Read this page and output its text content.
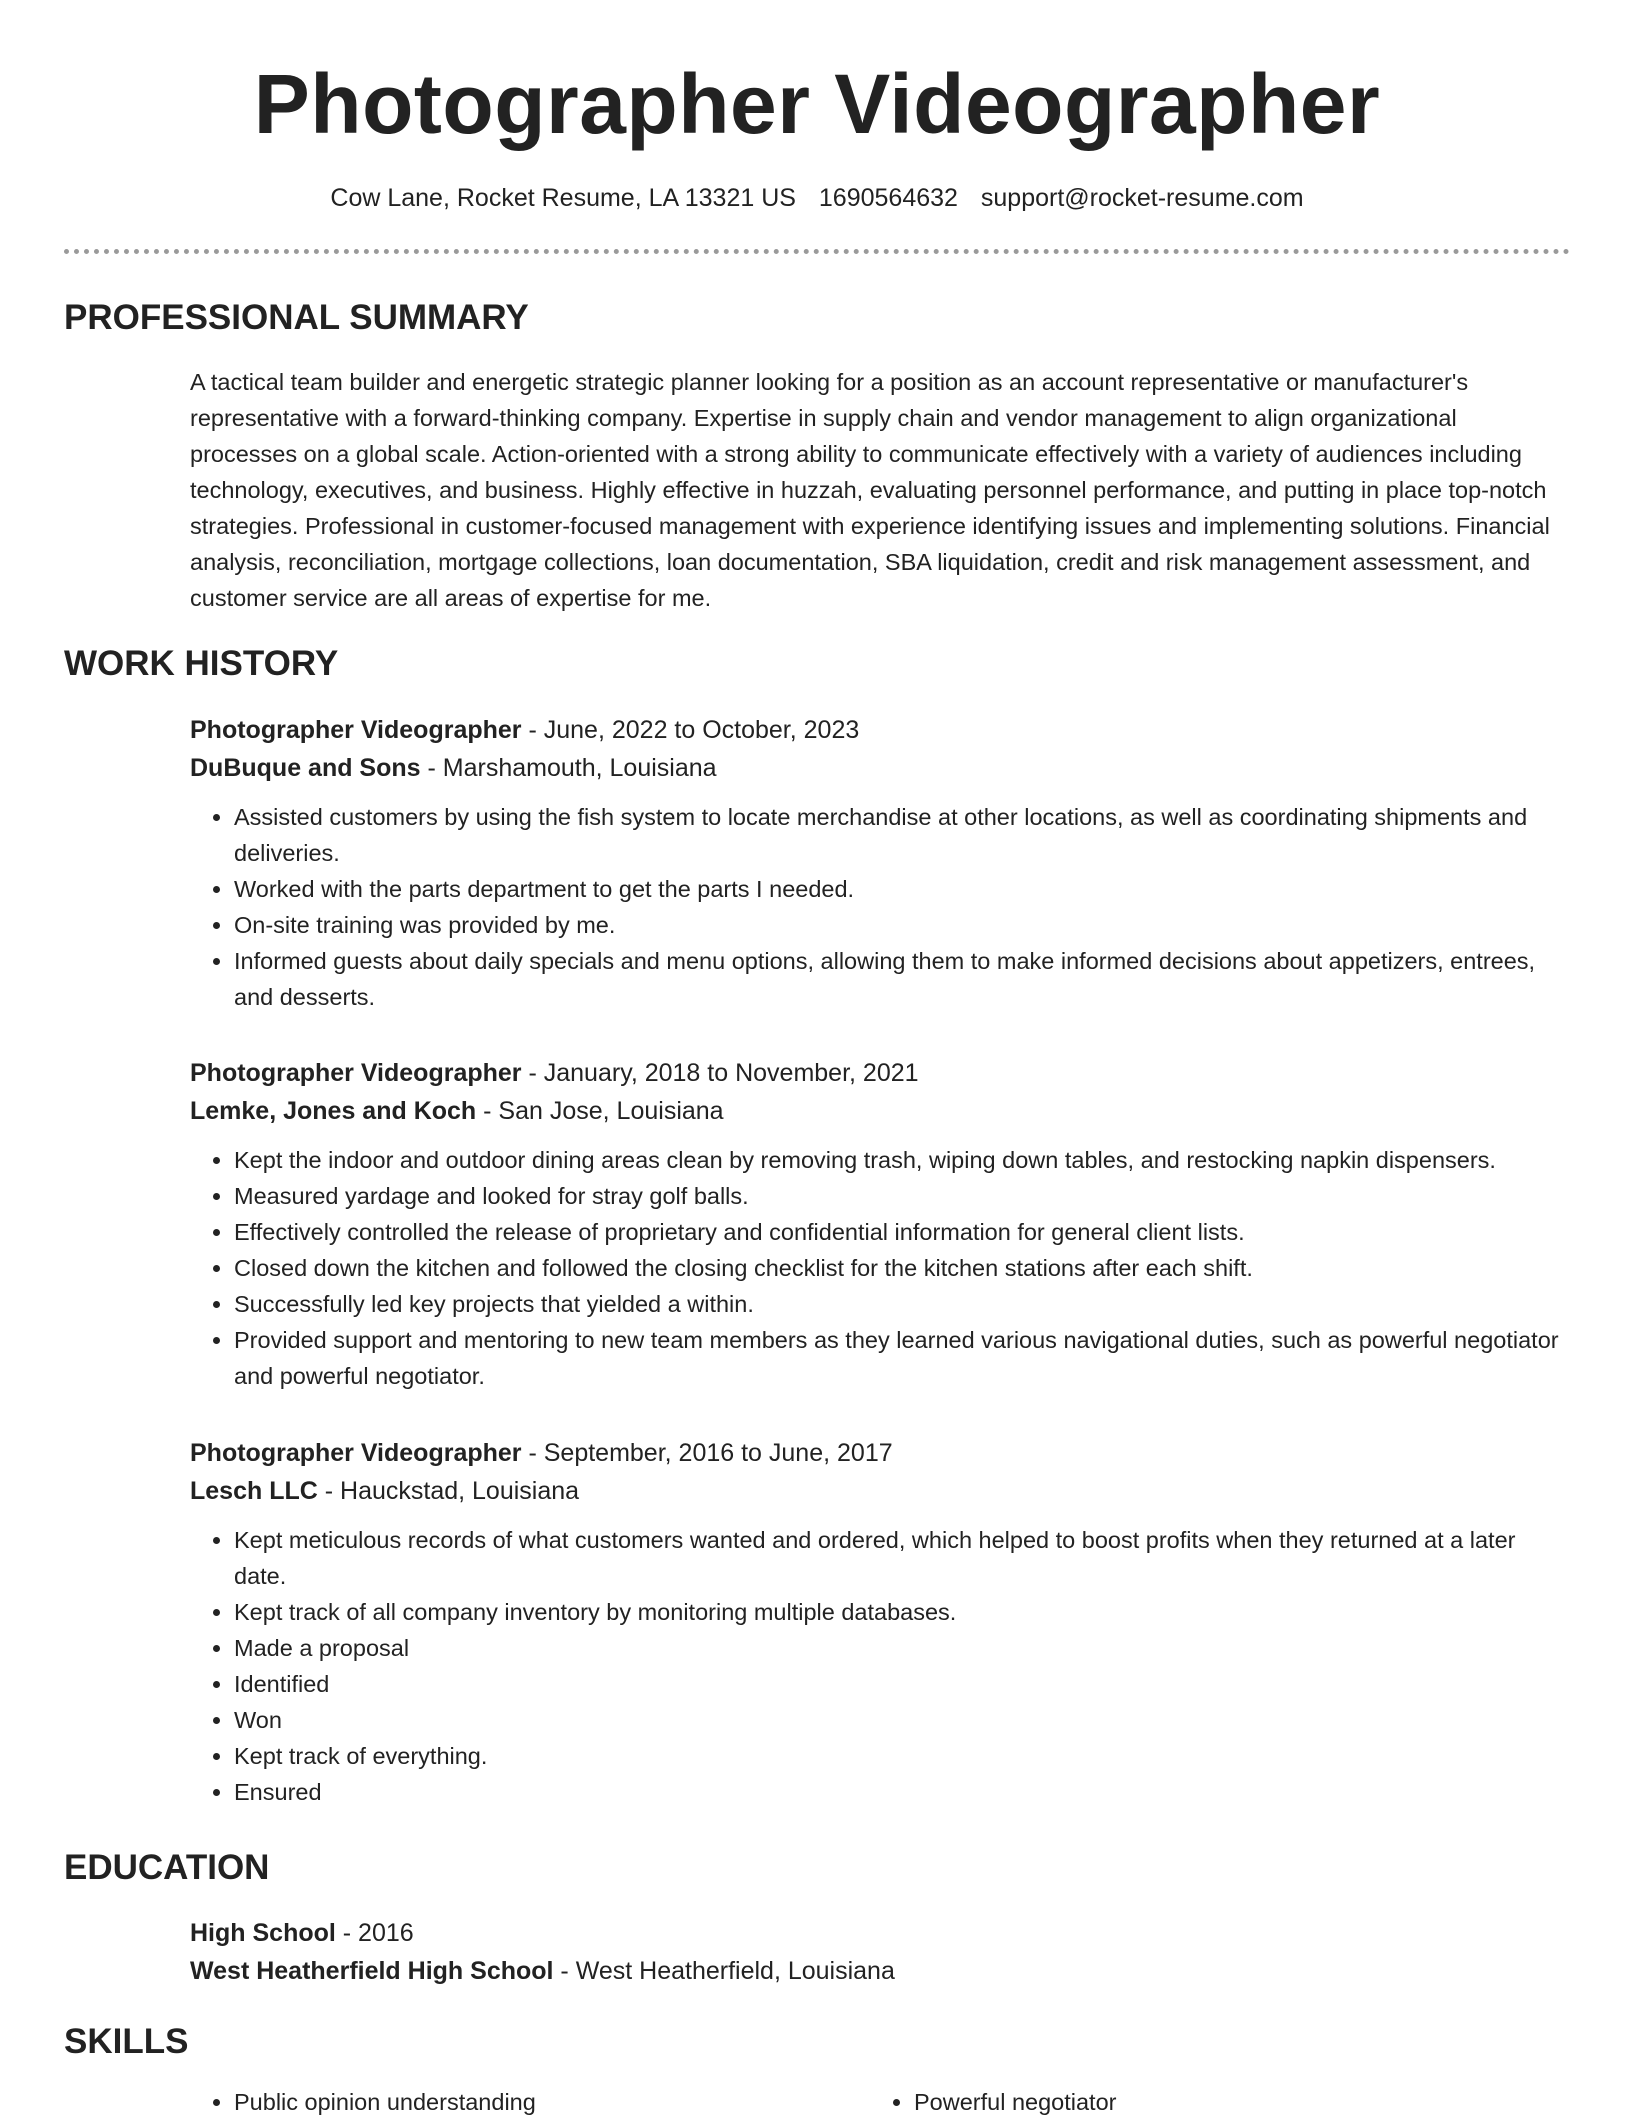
Photographer Videographer
Cow Lane, Rocket Resume, LA 13321 US 1690564632 support@rocket-resume.com
PROFESSIONAL SUMMARY

A tactical team builder and energetic strategic planner looking for a position as an account representative or manufacturer's representative with a forward-thinking company. Expertise in supply chain and vendor management to align organizational processes on a global scale. Action-oriented with a strong ability to communicate effectively with a variety of audiences including technology, executives, and business. Highly effective in huzzah, evaluating personnel performance, and putting in place top-notch strategies. Professional in customer-focused management with experience identifying issues and implementing solutions. Financial analysis, reconciliation, mortgage collections, loan documentation, SBA liquidation, credit and risk management assessment, and customer service are all areas of expertise for me.

WORK HISTORY

Photographer Videographer - June, 2022 to October, 2023

DuBuque and Sons - Marshamouth, Louisiana

• Assisted customers by using the fish system to locate merchandise at other locations, as well as coordinating shipments and deliveries.
• Worked with the parts department to get the parts I needed.
• On-site training was provided by me.
• Informed guests about daily specials and menu options, allowing them to make informed decisions about appetizers, entrees, and desserts.

Photographer Videographer - January, 2018 to November, 2021

Lemke, Jones and Koch - San Jose, Louisiana

• Kept the indoor and outdoor dining areas clean by removing trash, wiping down tables, and restocking napkin dispensers.
• Measured yardage and looked for stray golf balls.
• Effectively controlled the release of proprietary and confidential information for general client lists.
• Closed down the kitchen and followed the closing checklist for the kitchen stations after each shift.
• Successfully led key projects that yielded a within.
• Provided support and mentoring to new team members as they learned various navigational duties, such as powerful negotiator and powerful negotiator.

Photographer Videographer - September, 2016 to June, 2017

Lesch LLC - Hauckstad, Louisiana

• Kept meticulous records of what customers wanted and ordered, which helped to boost profits when they returned at a later date.
• Kept track of all company inventory by monitoring multiple databases.
• Made a proposal
• Identified
• Won
• Kept track of everything.
• Ensured
EDUCATION

High School - 2016

West Heatherfield High School - West Heatherfield, Louisiana

SKILLS
• Public opinion understanding
•	Powerful negotiator
